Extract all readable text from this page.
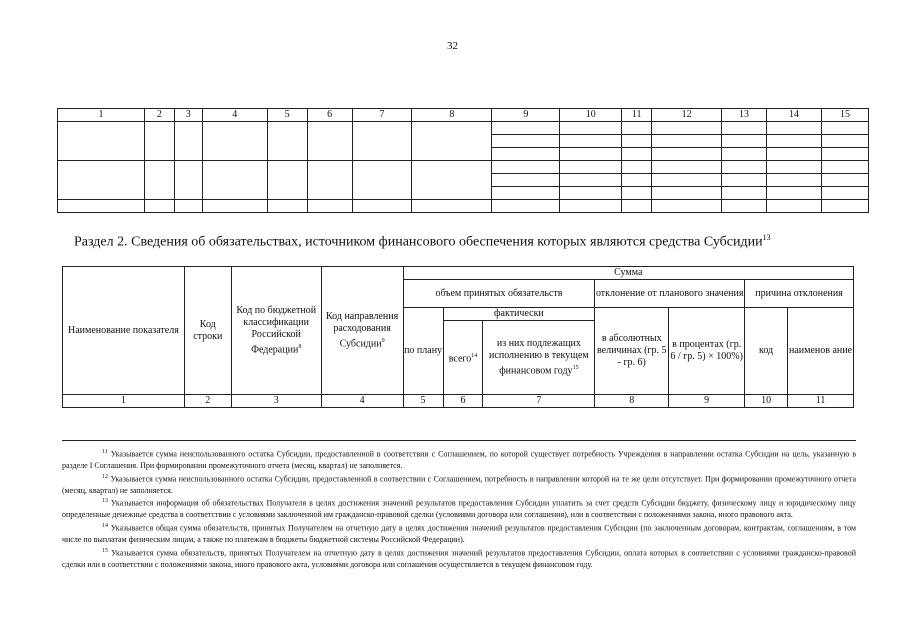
32
1	2	3	4	5	6	7	8	9	10	11	12	13	14	15

Раздел 2. Сведения об обязательствах, источником финансового обеспечения которых являются средства Субсидии$^{13}$
Наименование показателя	Код строки	Код по бюджетной классификации Российской Федерации$^8$	Код направления расходования Субсидии$^9$	Сумма						
				объем принятых обязательств			отклонение от планового значения		причина отклонения	
				по плану	фактически		в абсолютных величинах (гр. 5 - гр. 6)	в процентах (гр. 6 / гр. 5) × 100%)	код	наименов ание
					всего$^{14}$	из них подлежащих исполнению в текущем финансовом году$^{15}$
1	2	3	4	5	6	7	8	9	10	11

$^{11}$ Указывается сумма неиспользованного остатка Субсидии, предоставленной в соответствии с Соглашением, по которой существует потребность Учреждения в направлении остатка Субсидии на цель, указанную в разделе I Соглашения. При формировании промежуточного отчета (месяц, квартал) не заполняется.

$^{12}$ Указывается сумма неиспользованного остатка Субсидии, предоставленной в соответствии с Соглашением, потребность в направлении которой на те же цели отсутствует. При формировании промежуточного отчета (месяц, квартал) не заполняется.

$^{13}$ Указывается информация об обязательствах Получателя в целях достижения значений результатов предоставления Субсидии уплатить за счет средств Субсидии бюджету, физическому лицу и юридическому лицу определенные денежные средства в соответствии с условиями заключенной им гражданско-правовой сделки (условиями договора или соглашения), или в соответствии с положениями закона, иного правового акта.

$^{14}$ Указывается общая сумма обязательств, принятых Получателем на отчетную дату в целях достижения значений результатов предоставления Субсидии (по заключенным договорам, контрактам, соглашениям, в том числе по выплатам физическим лицам, а также по платежам в бюджеты бюджетной системы Российской Федерации).

$^{15}$ Указывается сумма обязательств, принятых Получателем на отчетную дату в целях достижения значений результатов предоставления Субсидии, оплата которых в соответствии с условиями гражданско-правовой сделки или в соответствии с положениями закона, иного правового акта, условиями договора или соглашения осуществляется в текущем финансовом году.
